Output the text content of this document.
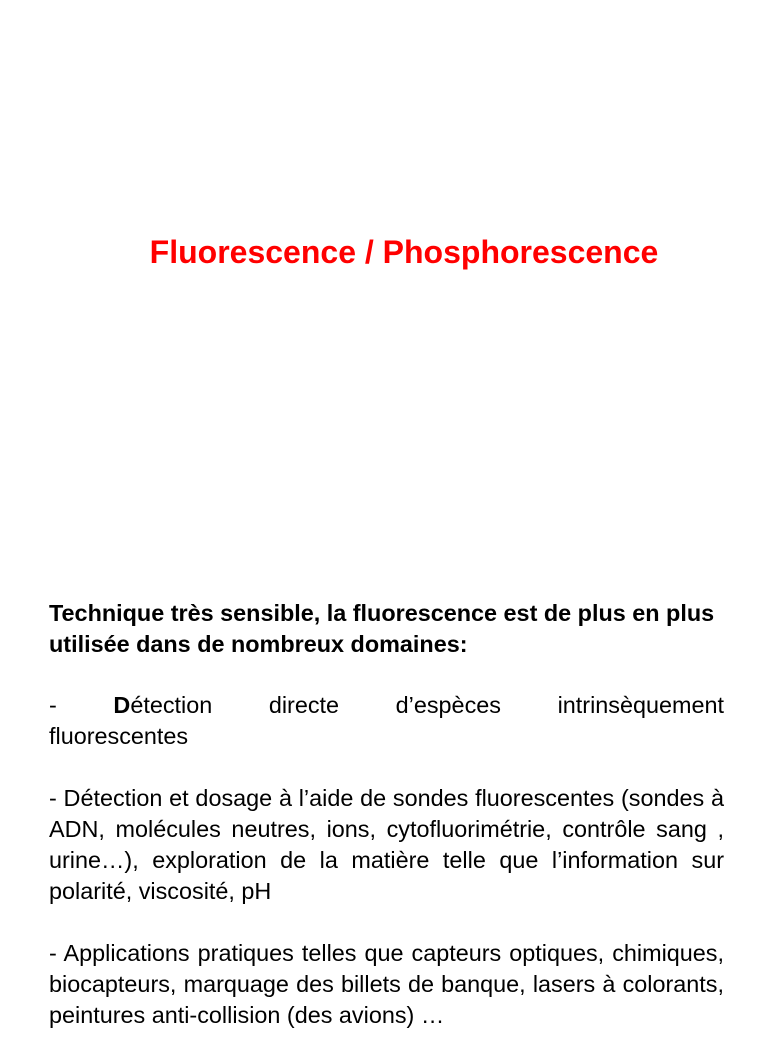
Fluorescence / Phosphorescence

Technique très sensible, la fluorescence est de plus en plus utilisée dans de nombreux domaines:

- Détection directe d’espèces intrinsèquement

fluorescentes

- Détection et dosage à l’aide de sondes fluorescentes (sondes à ADN, molécules neutres, ions, cytofluorimétrie, contrôle sang , urine…), exploration de la matière telle que l’information sur polarité, viscosité, pH

- Applications pratiques telles que capteurs optiques, chimiques, biocapteurs, marquage des billets de banque, lasers à colorants, peintures anti-collision (des avions) …
